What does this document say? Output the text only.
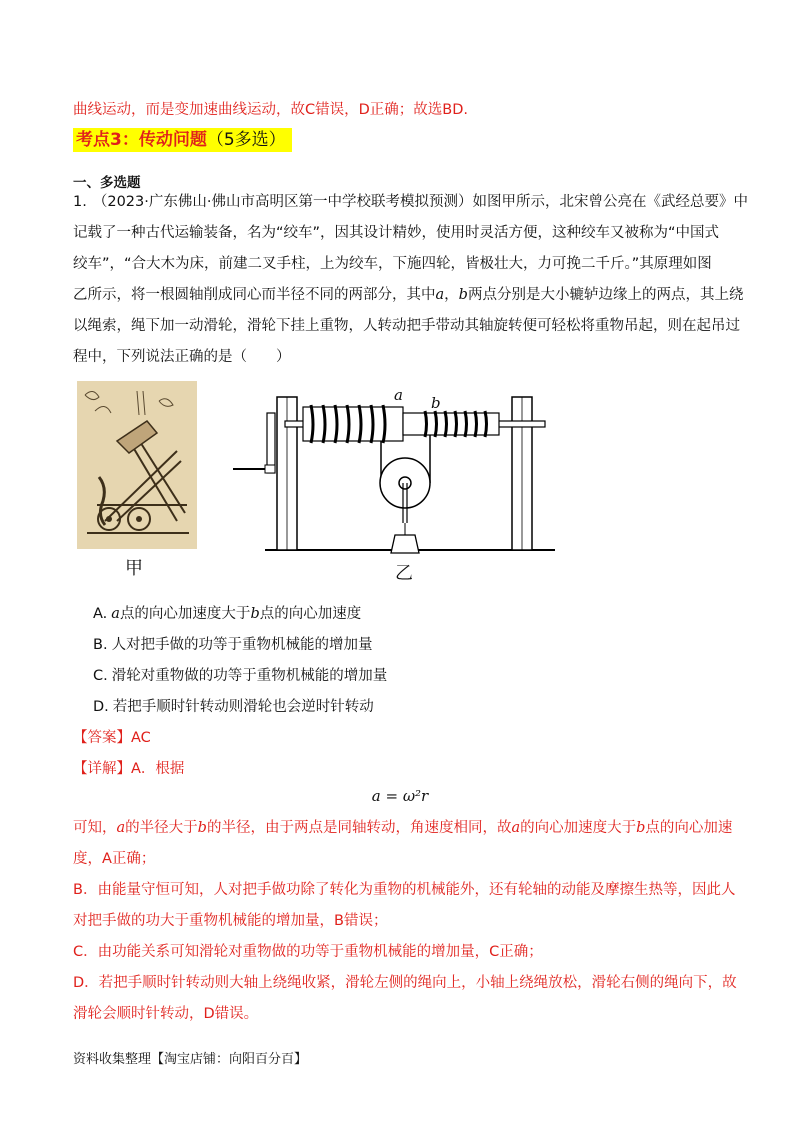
曲线运动，而是变加速曲线运动，故C错误，D正确；故选BD.
考点3：传动问题（5多选）
一、多选题
1. （2023·广东佛山·佛山市高明区第一中学校联考模拟预测）如图甲所示，北宋曾公亮在《武经总要》中
记载了一种古代运输装备，名为“绞车”，因其设计精妙，使用时灵活方便，这种绞车又被称为“中国式
绞车”，“合大木为床，前建二叉手柱，上为绞车，下施四轮，皆极壮大，力可挽二千斤。”其原理如图
乙所示，将一根圆轴削成同心而半径不同的两部分，其中a，b两点分别是大小辘轳边缘上的两点，其上绕
以绳索，绳下加一动滑轮，滑轮下挂上重物，人转动把手带动其轴旋转便可轻松将重物吊起，则在起吊过
程中，下列说法正确的是（　　）
甲
a b
乙
A. a点的向心加速度大于b点的向心加速度
B. 人对把手做的功等于重物机械能的增加量
C. 滑轮对重物做的功等于重物机械能的增加量
D. 若把手顺时针转动则滑轮也会逆时针转动
【答案】AC
【详解】A．根据
a = ω²r
可知，a的半径大于b的半径，由于两点是同轴转动，角速度相同，故a的向心加速度大于b点的向心加速
度，A正确；
B．由能量守恒可知，人对把手做功除了转化为重物的机械能外，还有轮轴的动能及摩擦生热等，因此人
对把手做的功大于重物机械能的增加量，B错误；
C．由功能关系可知滑轮对重物做的功等于重物机械能的增加量，C正确；
D．若把手顺时针转动则大轴上绕绳收紧，滑轮左侧的绳向上，小轴上绕绳放松，滑轮右侧的绳向下，故
滑轮会顺时针转动，D错误。
资料收集整理【淘宝店铺：向阳百分百】
